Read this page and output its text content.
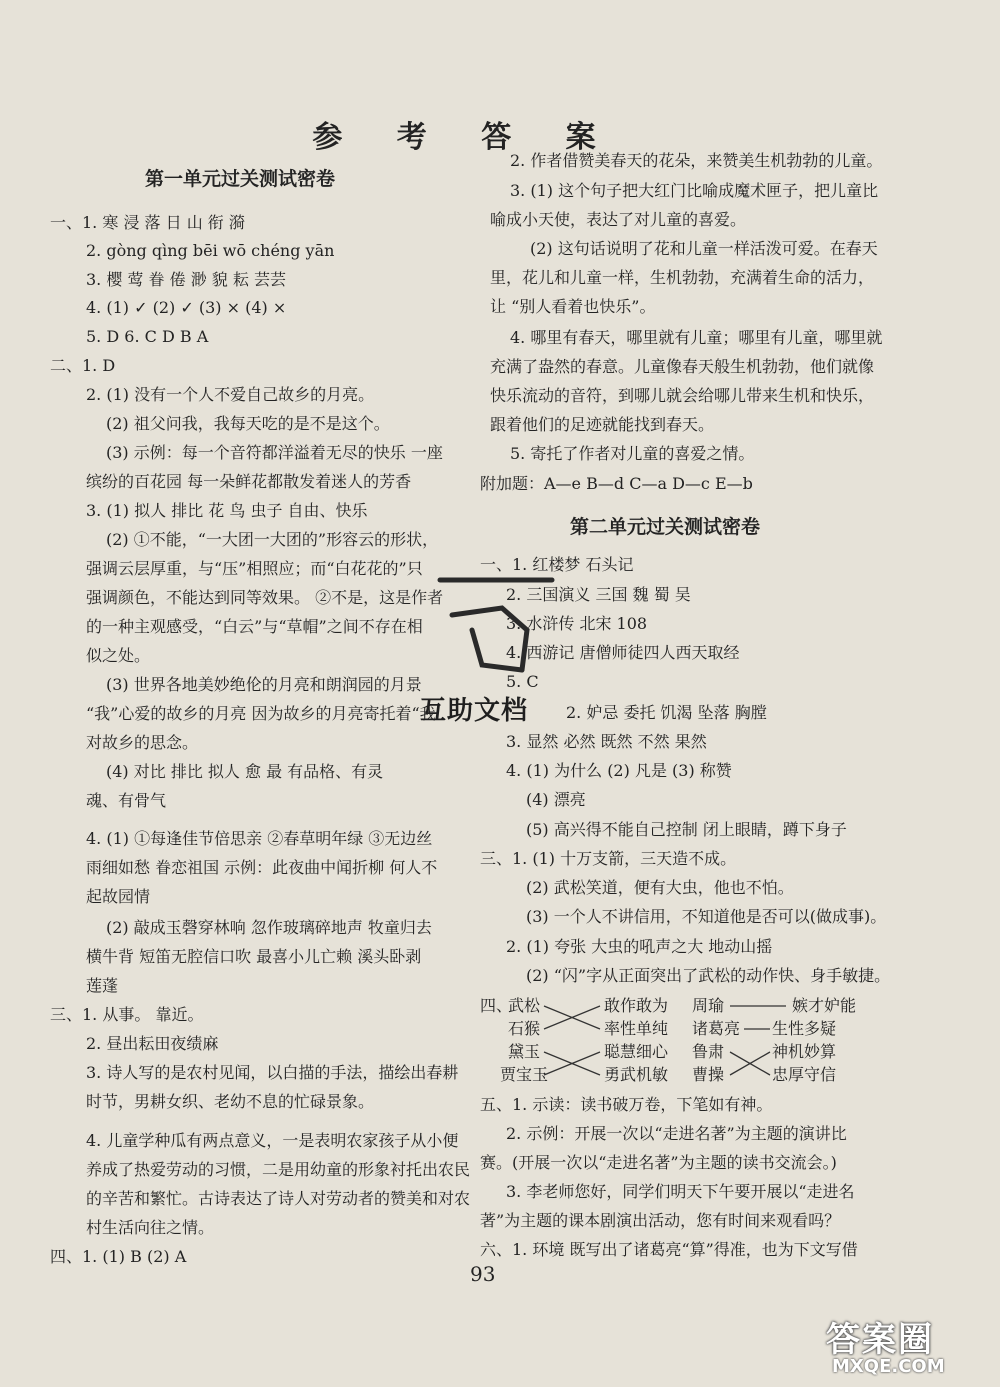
参 考 答 案
第一单元过关测试密卷
一、1. 寒 浸 落 日 山 衔 漪
2. gòng qìng bēi wō chéng yān
3. 樱 莺 眷 倦 渺 貌 耘 芸芸
4. (1) ✓ (2) ✓ (3) × (4) ×
5. D 6. C D B A
二、1. D
2. (1) 没有一个人不爱自己故乡的月亮。
(2) 祖父问我，我每天吃的是不是这个。
(3) 示例：每一个音符都洋溢着无尽的快乐 一座
缤纷的百花园 每一朵鲜花都散发着迷人的芳香
3. (1) 拟人 排比 花 鸟 虫子 自由、快乐
(2) ①不能，“一大团一大团的”形容云的形状，
强调云层厚重，与“压”相照应；而“白花花的”只
强调颜色，不能达到同等效果。 ②不是，这是作者
的一种主观感受，“白云”与“草帽”之间不存在相
似之处。
(3) 世界各地美妙绝伦的月亮和朗润园的月景
“我”心爱的故乡的月亮 因为故乡的月亮寄托着“我
对故乡的思念。
(4) 对比 排比 拟人 愈 最 有品格、有灵
魂、有骨气
4. (1) ①每逢佳节倍思亲 ②春草明年绿 ③无边丝
雨细如愁 眷恋祖国 示例：此夜曲中闻折柳 何人不
起故园情
(2) 敲成玉磬穿林响 忽作玻璃碎地声 牧童归去
横牛背 短笛无腔信口吹 最喜小儿亡赖 溪头卧剥
莲蓬
三、1. 从事。 靠近。
2. 昼出耘田夜绩麻
3. 诗人写的是农村见闻，以白描的手法，描绘出春耕
时节，男耕女织、老幼不息的忙碌景象。
4. 儿童学种瓜有两点意义，一是表明农家孩子从小便
养成了热爱劳动的习惯，二是用幼童的形象衬托出农民
的辛苦和繁忙。古诗表达了诗人对劳动者的赞美和对农
村生活向往之情。
四、1. (1) B (2) A
2. 作者借赞美春天的花朵，来赞美生机勃勃的儿童。
3. (1) 这个句子把大红门比喻成魔术匣子，把儿童比
喻成小天使，表达了对儿童的喜爱。
(2) 这句话说明了花和儿童一样活泼可爱。在春天
里，花儿和儿童一样，生机勃勃，充满着生命的活力，
让 “别人看着也快乐”。
4. 哪里有春天，哪里就有儿童；哪里有儿童，哪里就
充满了盎然的春意。儿童像春天般生机勃勃，他们就像
快乐流动的音符，到哪儿就会给哪儿带来生机和快乐，
跟着他们的足迹就能找到春天。
5. 寄托了作者对儿童的喜爱之情。
附加题：A—e B—d C—a D—c E—b
第二单元过关测试密卷
一、1. 红楼梦 石头记
2. 三国演义 三国 魏 蜀 吴
3. 水浒传 北宋 108
4. 西游记 唐僧师徒四人西天取经
5. C
2. 妒忌 委托 饥渴 坠落 胸膛
3. 显然 必然 既然 不然 果然
4. (1) 为什么 (2) 凡是 (3) 称赞
(4) 漂亮
(5) 高兴得不能自己控制 闭上眼睛，蹲下身子
三、1. (1) 十万支箭，三天造不成。
(2) 武松笑道，便有大虫，他也不怕。
(3) 一个人不讲信用，不知道他是否可以(做成事)。
2. (1) 夸张 大虫的吼声之大 地动山摇
(2) “闪”字从正面突出了武松的动作快、身手敏捷。
四、
武松
石猴
黛玉
贾宝玉
敢作敢为
率性单纯
聪慧细心
勇武机敏
周瑜
诸葛亮
鲁肃
曹操
嫉才妒能
生性多疑
神机妙算
忠厚守信
五、1. 示读：读书破万卷，下笔如有神。
2. 示例：开展一次以“走进名著”为主题的演讲比
赛。(开展一次以“走进名著”为主题的读书交流会。)
3. 李老师您好，同学们明天下午要开展以“走进名
著”为主题的课本剧演出活动，您有时间来观看吗？
六、1. 环境 既写出了诸葛亮“算”得准，也为下文写借
互助文档
93
答案圈
MXQE.COM
